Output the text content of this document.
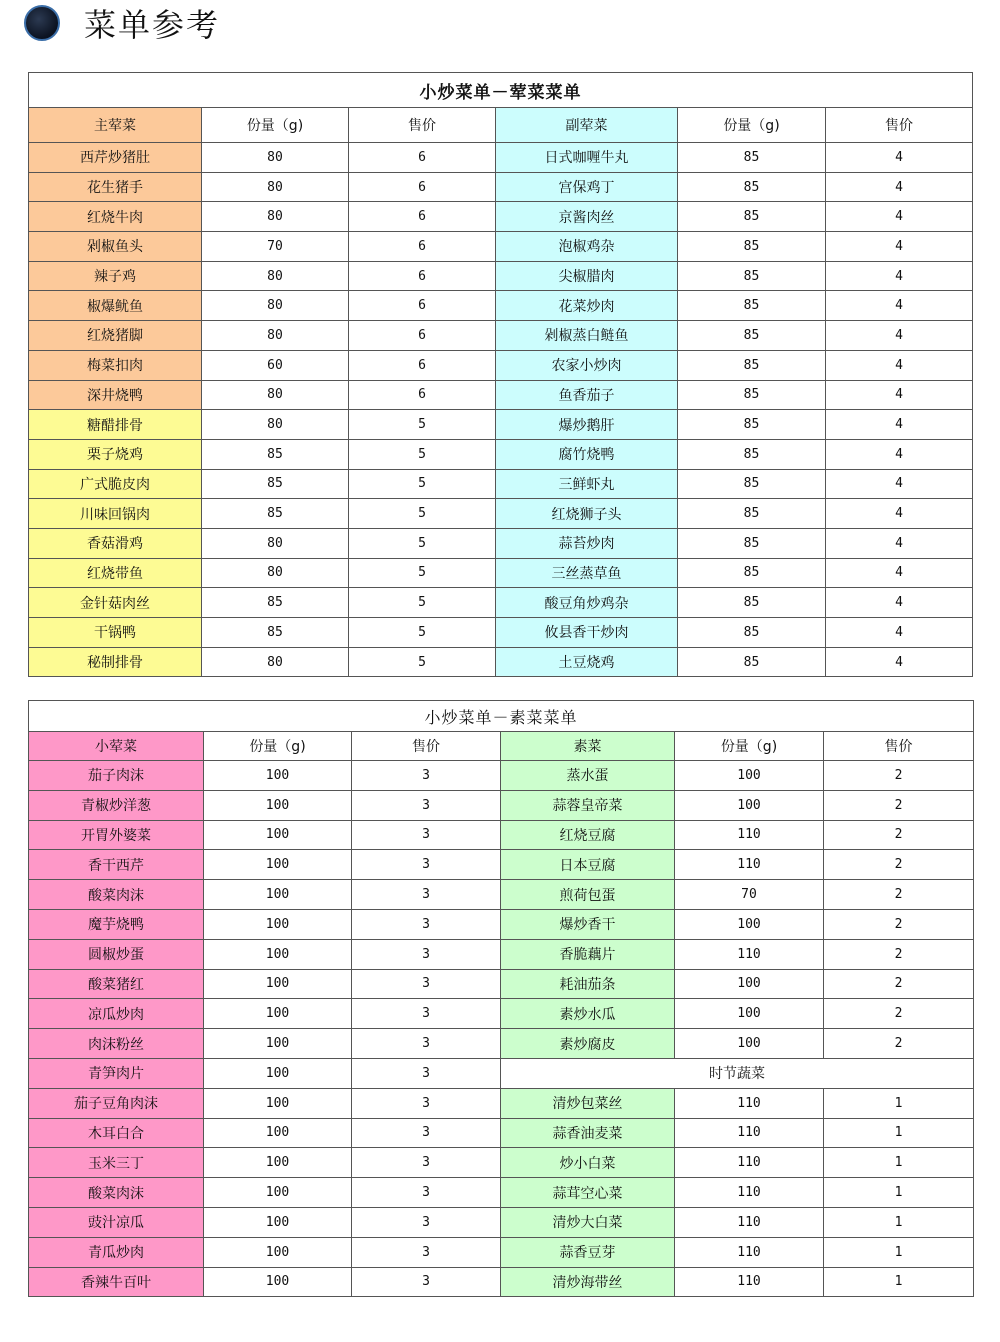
菜单参考
小炒菜单－荤菜菜单					
主荤菜	份量（g)	售价	副荤菜	份量（g)	售价
西芹炒猪肚	80	6	日式咖喱牛丸	85	4
花生猪手	80	6	宫保鸡丁	85	4
红烧牛肉	80	6	京酱肉丝	85	4
剁椒鱼头	70	6	泡椒鸡杂	85	4
辣子鸡	80	6	尖椒腊肉	85	4
椒爆鱿鱼	80	6	花菜炒肉	85	4
红烧猪脚	80	6	剁椒蒸白鲢鱼	85	4
梅菜扣肉	60	6	农家小炒肉	85	4
深井烧鸭	80	6	鱼香茄子	85	4
糖醋排骨	80	5	爆炒鹅肝	85	4
栗子烧鸡	85	5	腐竹烧鸭	85	4
广式脆皮肉	85	5	三鲜虾丸	85	4
川味回锅肉	85	5	红烧狮子头	85	4
香菇滑鸡	80	5	蒜苔炒肉	85	4
红烧带鱼	80	5	三丝蒸草鱼	85	4
金针菇肉丝	85	5	酸豆角炒鸡杂	85	4
干锅鸭	85	5	攸县香干炒肉	85	4
秘制排骨	80	5	土豆烧鸡	85	4
小炒菜单－素菜菜单					
小荤菜	份量（g)	售价	素菜	份量（g)	售价
茄子肉沫	100	3	蒸水蛋	100	2
青椒炒洋葱	100	3	蒜蓉皇帝菜	100	2
开胃外婆菜	100	3	红烧豆腐	110	2
香干西芹	100	3	日本豆腐	110	2
酸菜肉沫	100	3	煎荷包蛋	70	2
魔芋烧鸭	100	3	爆炒香干	100	2
圆椒炒蛋	100	3	香脆藕片	110	2
酸菜猪红	100	3	耗油茄条	100	2
凉瓜炒肉	100	3	素炒水瓜	100	2
肉沫粉丝	100	3	素炒腐皮	100	2
青笋肉片	100	3	时节蔬菜		
茄子豆角肉沫	100	3	清炒包菜丝	110	1
木耳白合	100	3	蒜香油麦菜	110	1
玉米三丁	100	3	炒小白菜	110	1
酸菜肉沫	100	3	蒜茸空心菜	110	1
豉汁凉瓜	100	3	清炒大白菜	110	1
青瓜炒肉	100	3	蒜香豆芽	110	1
香辣牛百叶	100	3	清炒海带丝	110	1
